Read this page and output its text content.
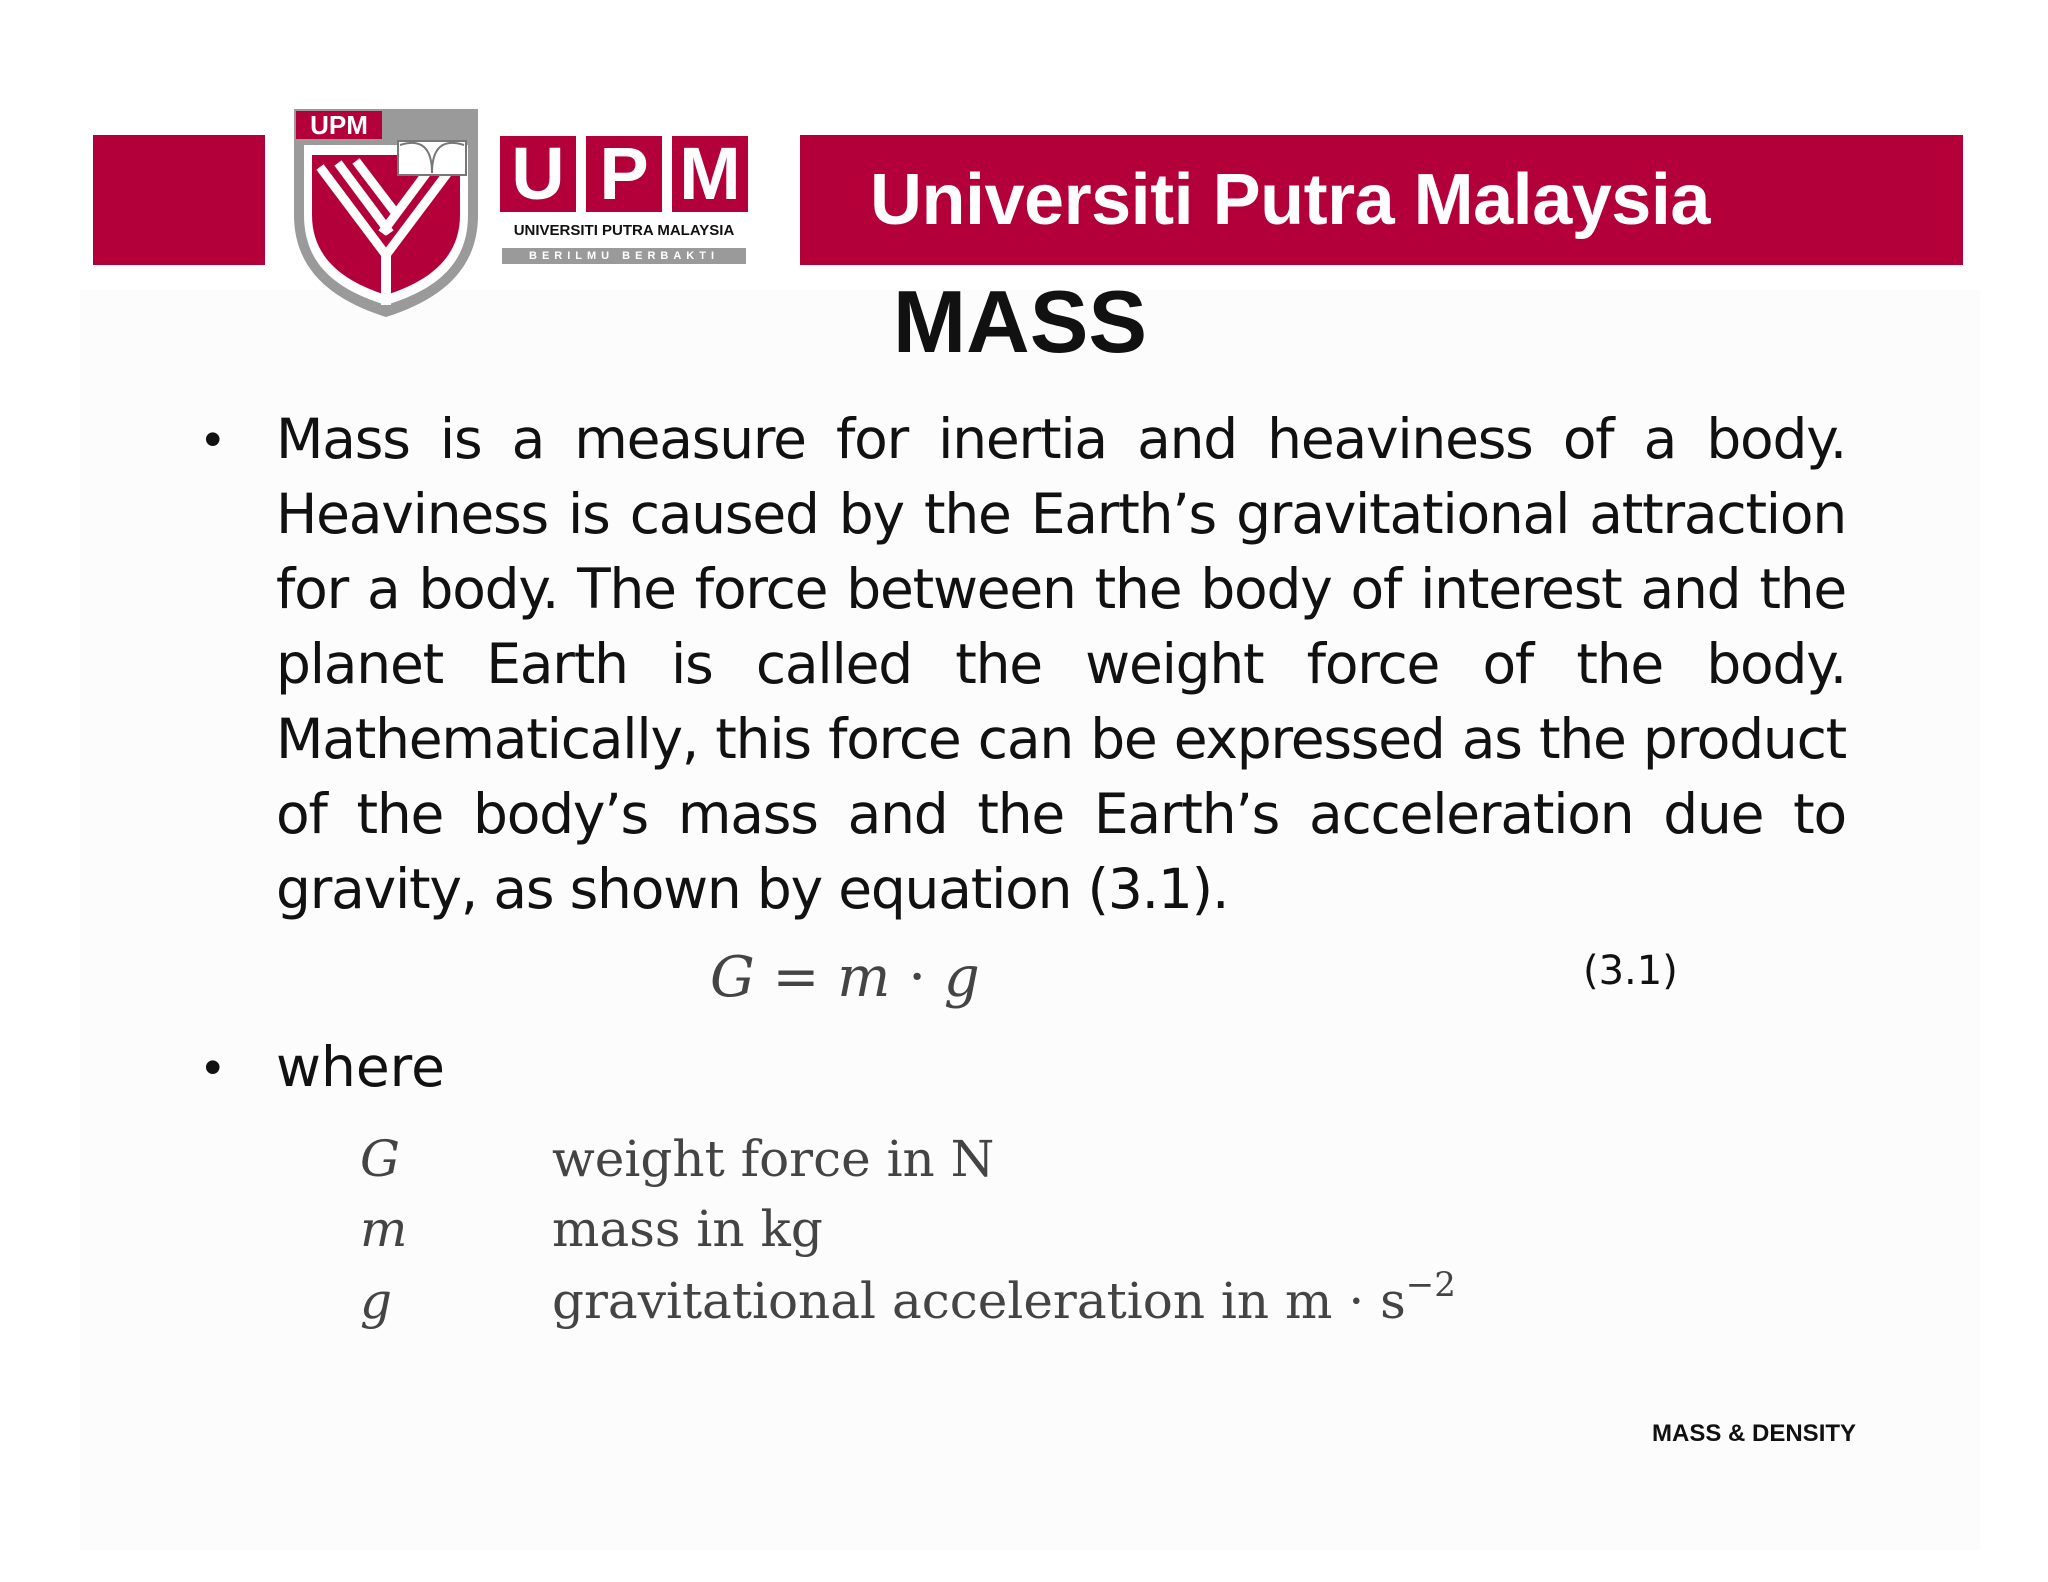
Universiti Putra Malaysia
UPM
U P M
UNIVERSITI PUTRA MALAYSIA
BERILMU BERBAKTI
MASS
• Mass is a measure for inertia and heaviness of a body. Heaviness is caused by the Earth’s gravitational attraction for a body. The force between the body of interest and the planet Earth is called the weight force of the body. Mathematically, this force can be expressed as the product of the body’s mass and the Earth’s acceleration due to gravity, as shown by equation (3.1).
G = m · g	(3.1)
• where
G	weight force in N
m	mass in kg
g	gravitational acceleration in $m \cdot s^{-2}$
MASS & DENSITY
